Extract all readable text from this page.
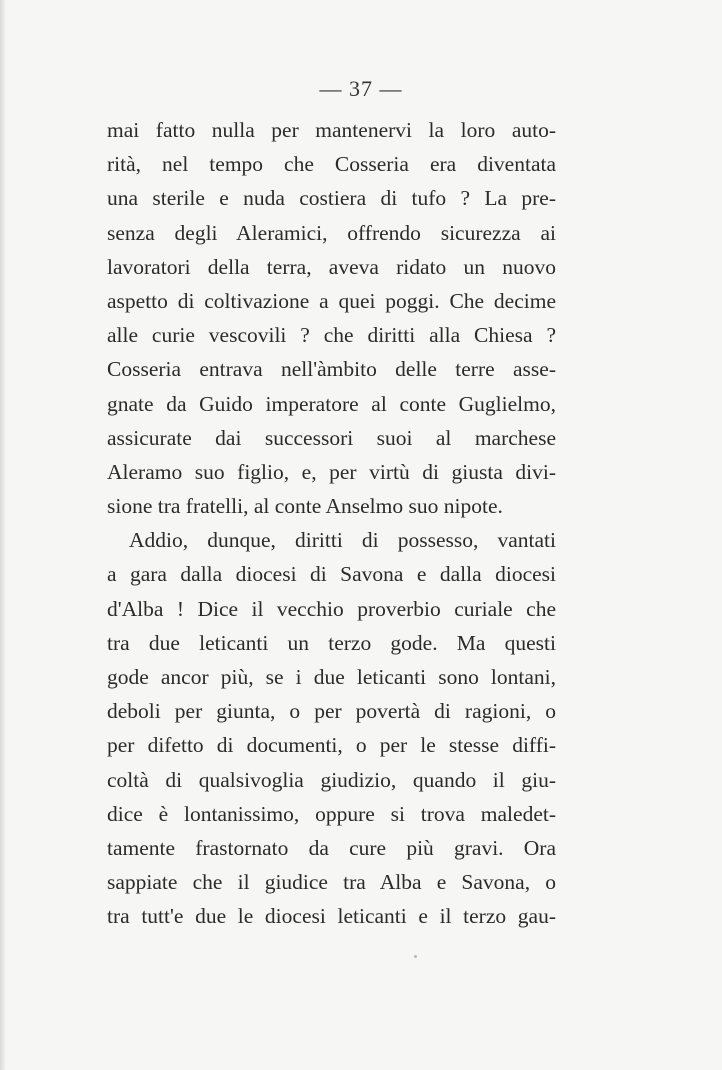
— 37 —
mai fatto nulla per mantenervi la loro auto-
rità, nel tempo che Cosseria era diventata
una sterile e nuda costiera di tufo ? La pre-
senza degli Aleramici, offrendo sicurezza ai
lavoratori della terra, aveva ridato un nuovo
aspetto di coltivazione a quei poggi. Che decime
alle curie vescovili ? che diritti alla Chiesa ?
Cosseria entrava nell'àmbito delle terre asse-
gnate da Guido imperatore al conte Guglielmo,
assicurate dai successori suoi al marchese
Aleramo suo figlio, e, per virtù di giusta divi-
sione tra fratelli, al conte Anselmo suo nipote.
Addio, dunque, diritti di possesso, vantati
a gara dalla diocesi di Savona e dalla diocesi
d'Alba ! Dice il vecchio proverbio curiale che
tra due leticanti un terzo gode. Ma questi
gode ancor più, se i due leticanti sono lontani,
deboli per giunta, o per povertà di ragioni, o
per difetto di documenti, o per le stesse diffi-
coltà di qualsivoglia giudizio, quando il giu-
dice è lontanissimo, oppure si trova maledet-
tamente frastornato da cure più gravi. Ora
sappiate che il giudice tra Alba e Savona, o
tra tutt'e due le diocesi leticanti e il terzo gau-
